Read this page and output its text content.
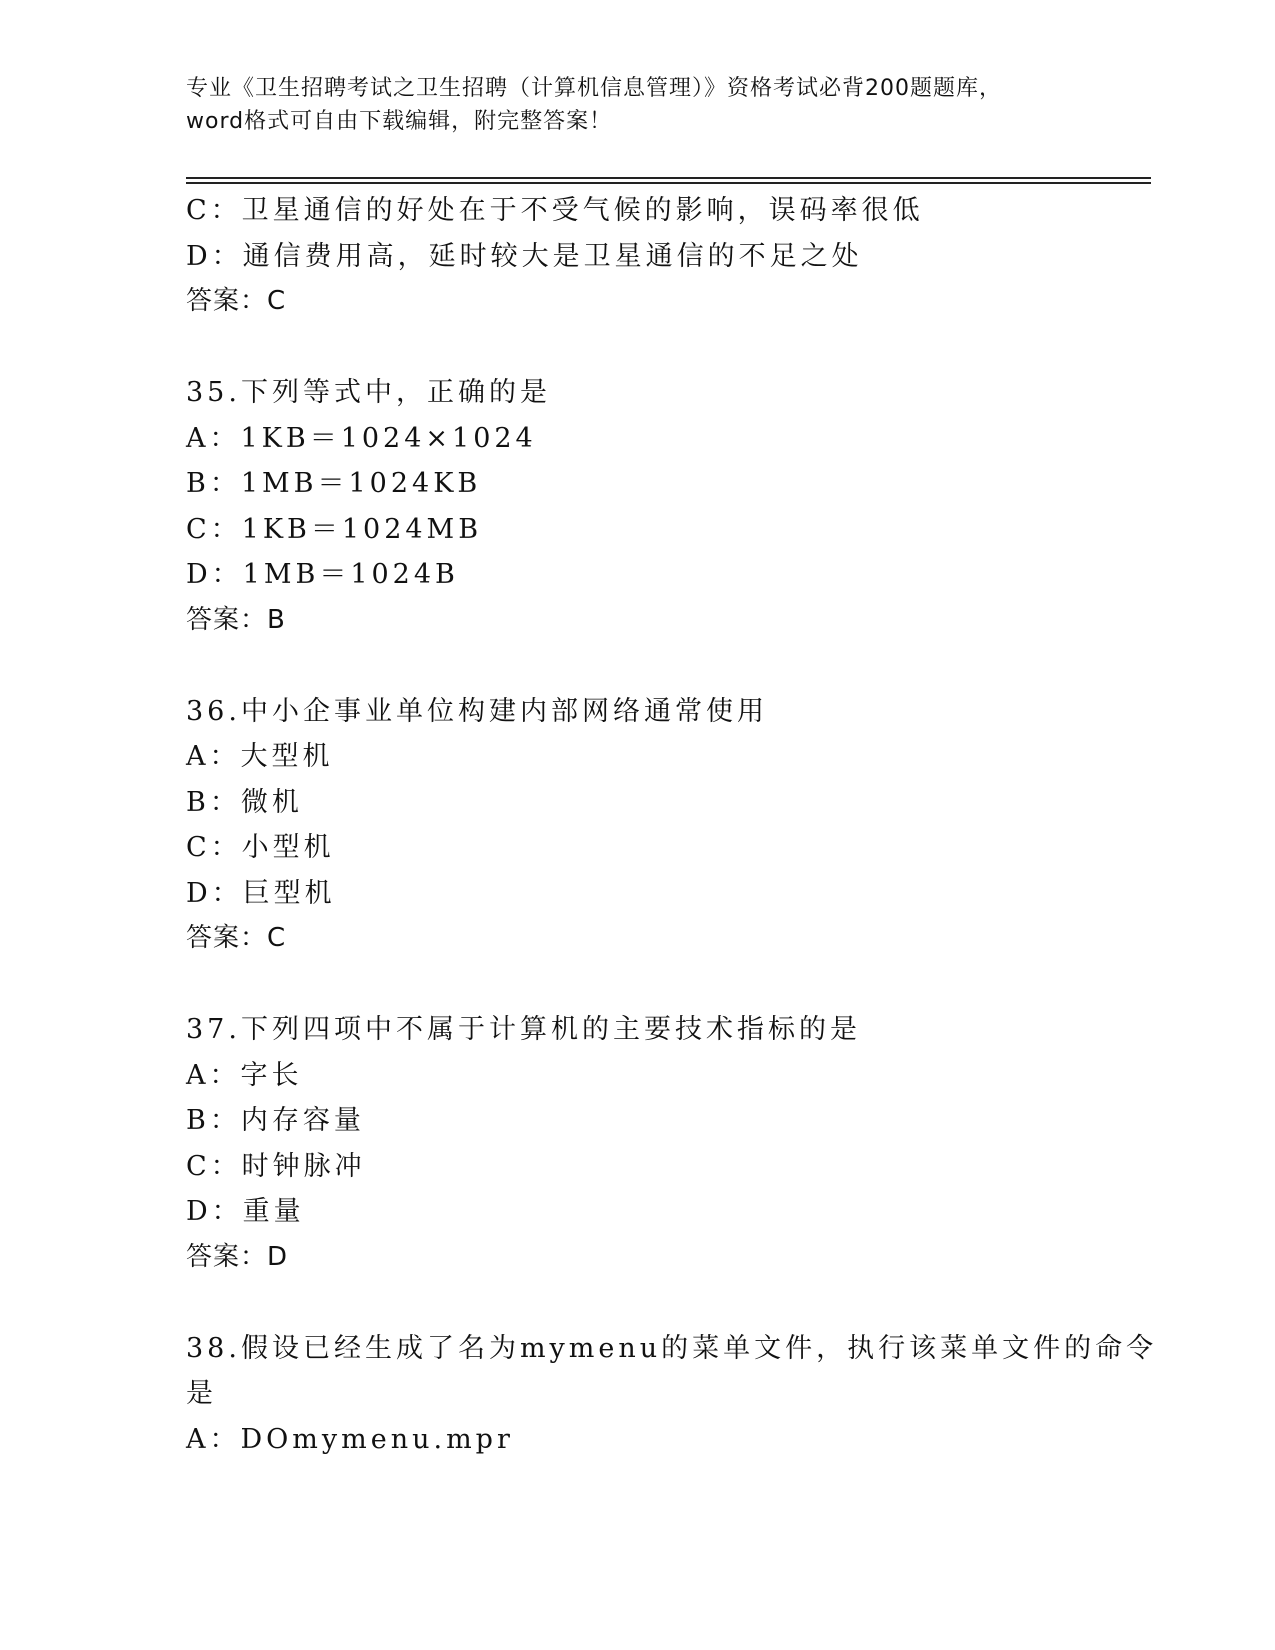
专业《卫生招聘考试之卫生招聘（计算机信息管理）》资格考试必背200题题库，
word格式可自由下载编辑，附完整答案！
C：卫星通信的好处在于不受气候的影响，误码率很低
D：通信费用高，延时较大是卫星通信的不足之处
答案：C
35.下列等式中，正确的是
A：1KB＝1024×1024
B：1MB＝1024KB
C：1KB＝1024MB
D：1MB＝1024B
答案：B
36.中小企事业单位构建内部网络通常使用
A：大型机
B：微机
C：小型机
D：巨型机
答案：C
37.下列四项中不属于计算机的主要技术指标的是
A：字长
B：内存容量
C：时钟脉冲
D：重量
答案：D
38.假设已经生成了名为mymenu的菜单文件，执行该菜单文件的命令
是
A：DOmymenu.mpr
